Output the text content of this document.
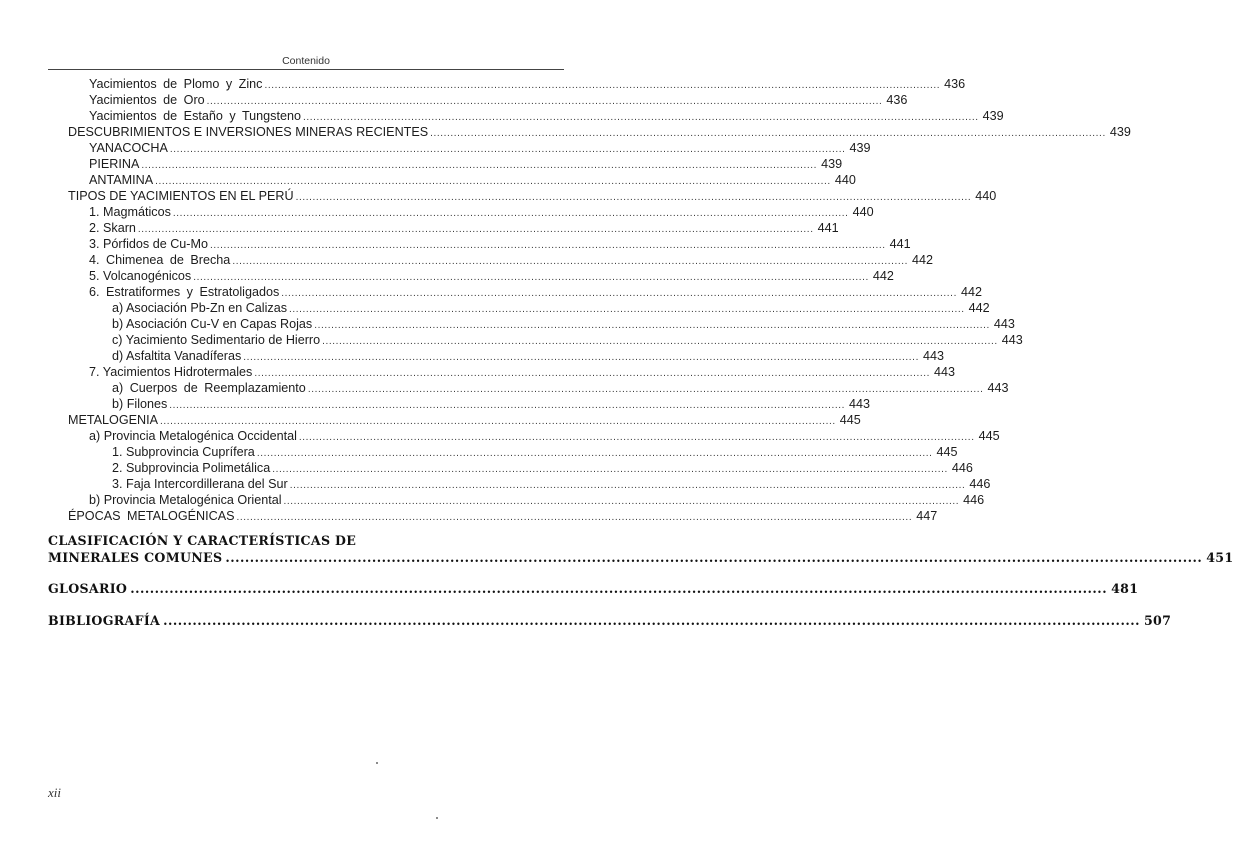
Contenido
Yacimientos de Plomo y Zinc ........................................................................................................................................................................................................ 436
Yacimientos de Oro ........................................................................................................................................................................................................ 436
Yacimientos de Estaño y Tungsteno ........................................................................................................................................................................................................ 439
DESCUBRIMIENTOS E INVERSIONES MINERAS RECIENTES ........................................................................................................................................................................................................ 439
YANACOCHA ........................................................................................................................................................................................................ 439
PIERINA ........................................................................................................................................................................................................ 439
ANTAMINA ........................................................................................................................................................................................................ 440
TIPOS DE YACIMIENTOS EN EL PERÚ ........................................................................................................................................................................................................ 440
1. Magmáticos ........................................................................................................................................................................................................ 440
2. Skarn ........................................................................................................................................................................................................ 441
3. Pórfidos de Cu-Mo ........................................................................................................................................................................................................ 441
4. Chimenea de Brecha ........................................................................................................................................................................................................ 442
5. Volcanogénicos ........................................................................................................................................................................................................ 442
6. Estratiformes y Estratoligados ........................................................................................................................................................................................................ 442
a) Asociación Pb-Zn en Calizas ........................................................................................................................................................................................................ 442
b) Asociación Cu-V en Capas Rojas ........................................................................................................................................................................................................ 443
c) Yacimiento Sedimentario de Hierro ........................................................................................................................................................................................................ 443
d) Asfaltita Vanadíferas ........................................................................................................................................................................................................ 443
7. Yacimientos Hidrotermales ........................................................................................................................................................................................................ 443
a) Cuerpos de Reemplazamiento ........................................................................................................................................................................................................ 443
b) Filones ........................................................................................................................................................................................................ 443
METALOGENIA ........................................................................................................................................................................................................ 445
a) Provincia Metalogénica Occidental ........................................................................................................................................................................................................ 445
1. Subprovincia Cuprífera ........................................................................................................................................................................................................ 445
2. Subprovincia Polimetálica ........................................................................................................................................................................................................ 446
3. Faja Intercordillerana del Sur ........................................................................................................................................................................................................ 446
b) Provincia Metalogénica Oriental ........................................................................................................................................................................................................ 446
ÉPOCAS METALOGÉNICAS ........................................................................................................................................................................................................ 447
CLASIFICACIÓN Y CARACTERÍSTICAS DE
MINERALES COMUNES ........................................................................................................................................................................................................ 451
GLOSARIO ........................................................................................................................................................................................................ 481
BIBLIOGRAFÍA ........................................................................................................................................................................................................ 507
xii
